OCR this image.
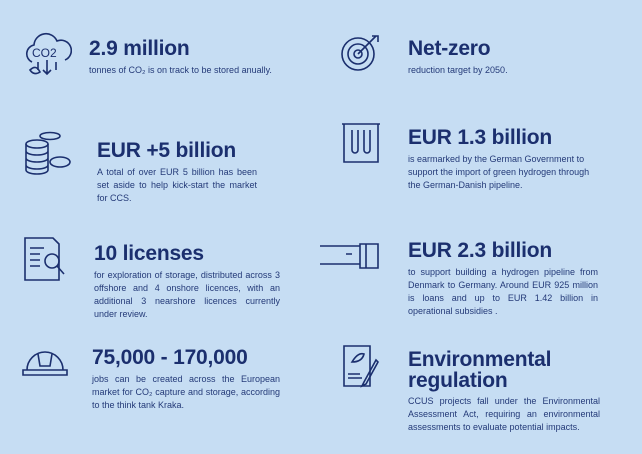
CO2 2.9 million
tonnes of CO₂ is on track to be stored anually.
EUR +5 billion
A total of over EUR 5 billion has been set aside to help kick-start the market for CCS.
10 licenses
for exploration of storage, distributed across 3 offshore and 4 onshore licences, with an additional 3 nearshore licences currently under review.
75,000 - 170,000
jobs can be created across the European market for CO₂ capture and storage, according to the think tank Kraka.
Net-zero
reduction target by 2050.
EUR 1.3 billion
is earmarked by the German Government to support the import of green hydrogen through the German-Danish pipeline.
EUR 2.3 billion
to support building a hydrogen pipeline from Denmark to Germany. Around EUR 925 million is loans and up to EUR 1.42 billion in operational subsidies .
Environmental regulation
CCUS projects fall under the Environmental Assessment Act, requiring an environmental assessments to evaluate potential impacts.
